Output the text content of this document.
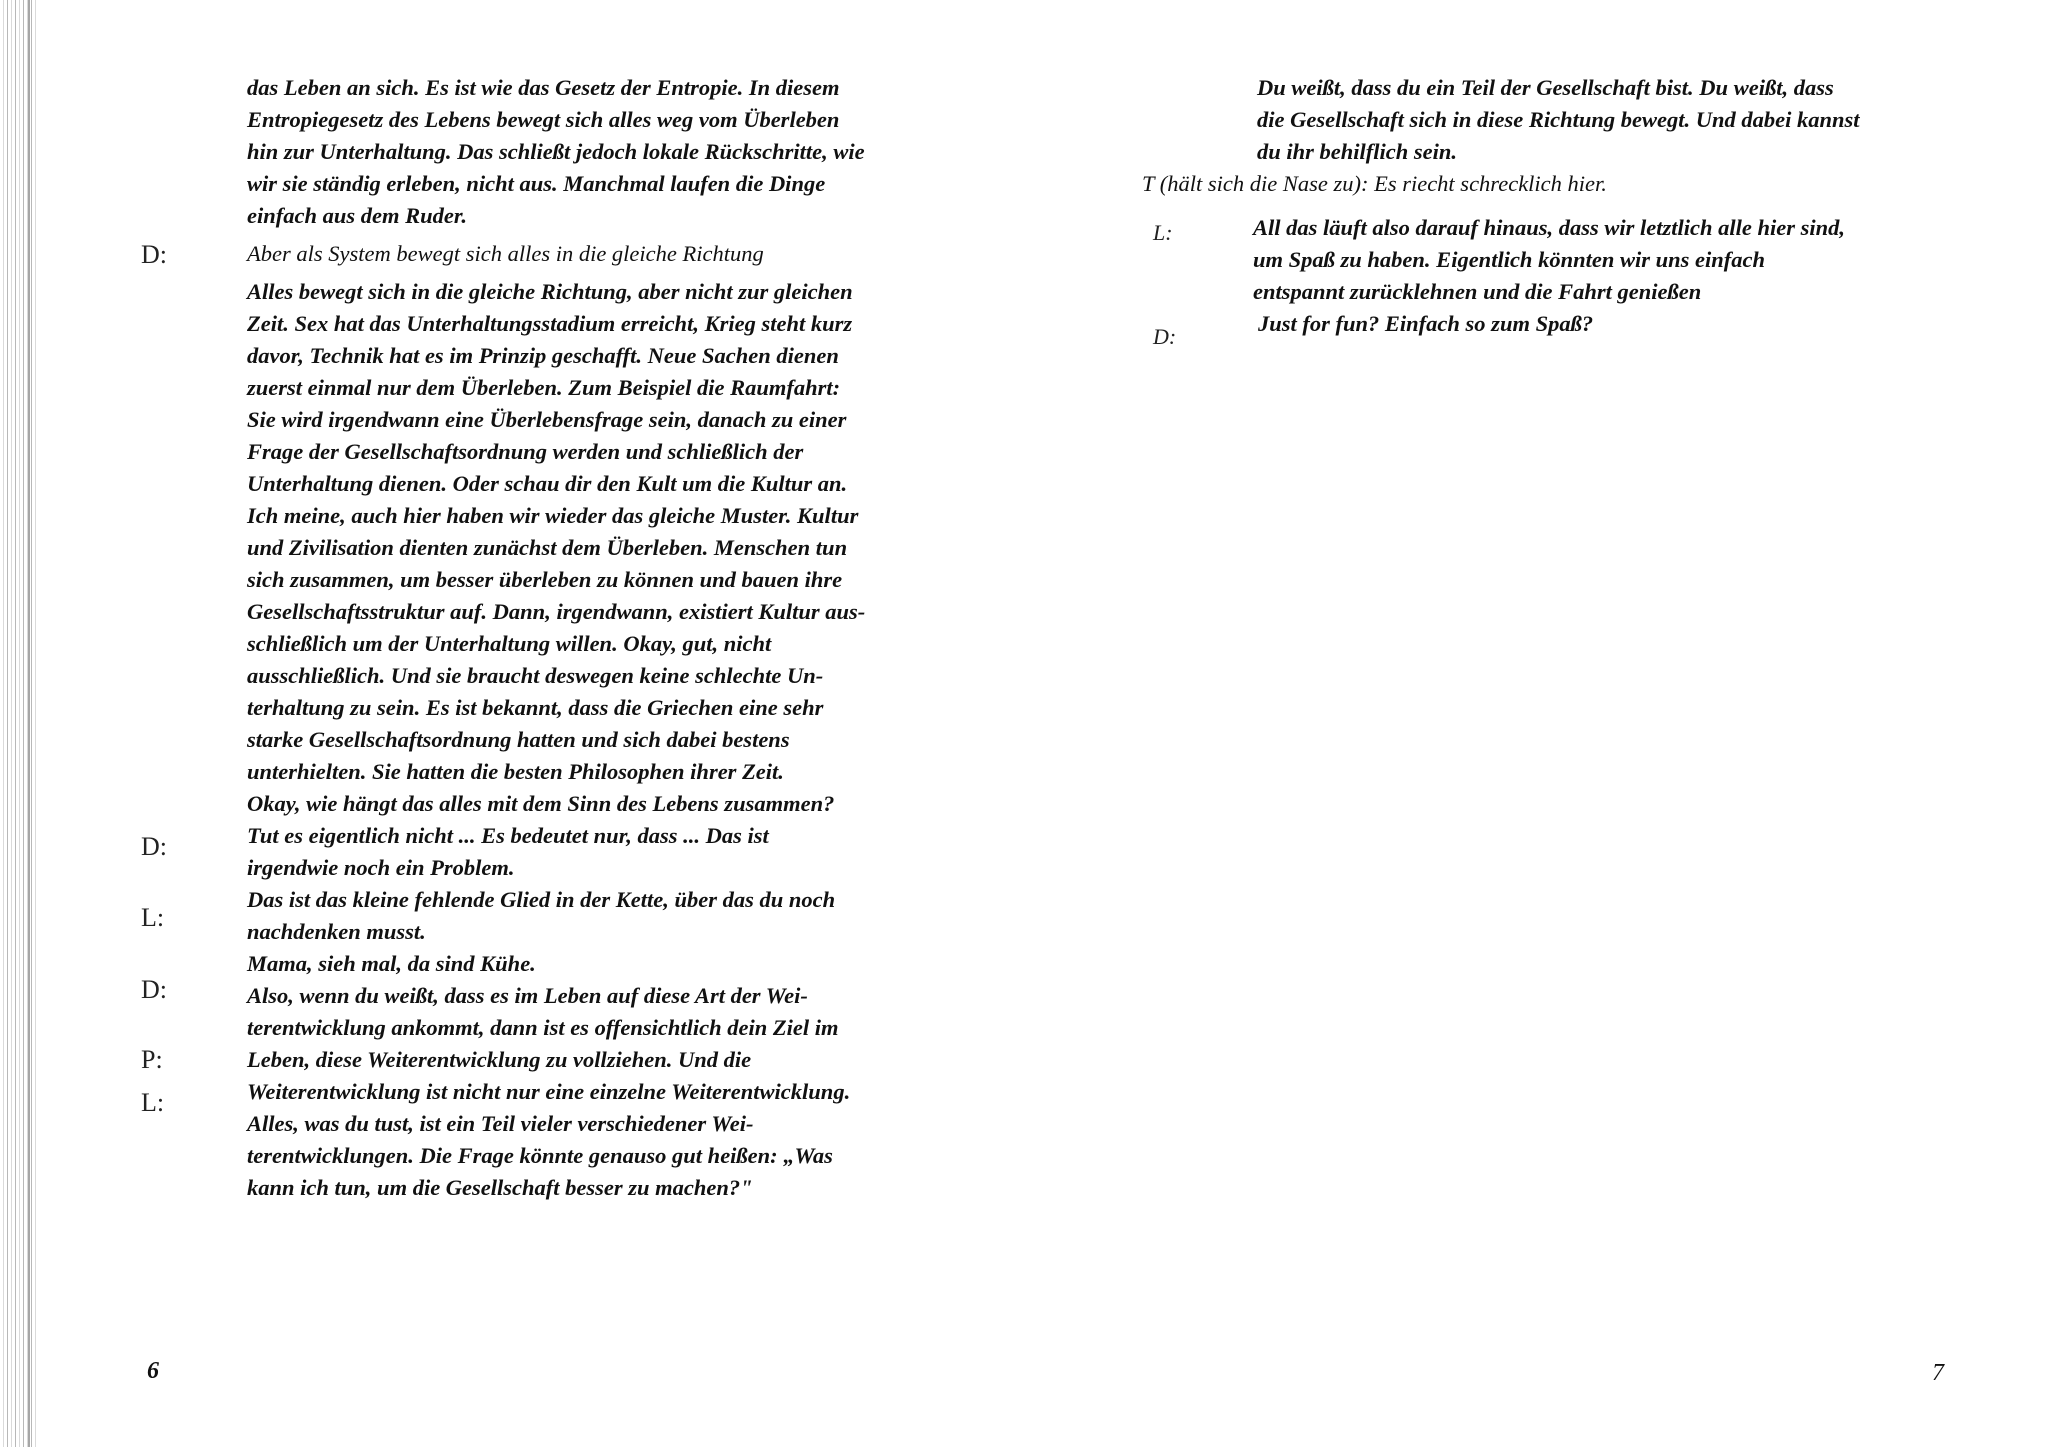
D:
D:
L:
D:
P:
L:
das Leben an sich. Es ist wie das Gesetz der Entropie. In diesem
Entropiegesetz des Lebens bewegt sich alles weg vom Überleben
hin zur Unterhaltung. Das schließt jedoch lokale Rückschritte, wie
wir sie ständig erleben, nicht aus. Manchmal laufen die Dinge
einfach aus dem Ruder.
Aber als System bewegt sich alles in die gleiche Richtung
Alles bewegt sich in die gleiche Richtung, aber nicht zur gleichen
Zeit. Sex hat das Unterhaltungsstadium erreicht, Krieg steht kurz
davor, Technik hat es im Prinzip geschafft. Neue Sachen dienen
zuerst einmal nur dem Überleben. Zum Beispiel die Raumfahrt:
Sie wird irgendwann eine Überlebensfrage sein, danach zu einer
Frage der Gesellschaftsordnung werden und schließlich der
Unterhaltung dienen. Oder schau dir den Kult um die Kultur an.
Ich meine, auch hier haben wir wieder das gleiche Muster. Kultur
und Zivilisation dienten zunächst dem Überleben. Menschen tun
sich zusammen, um besser überleben zu können und bauen ihre
Gesellschaftsstruktur auf. Dann, irgendwann, existiert Kultur aus-
schließlich um der Unterhaltung willen. Okay, gut, nicht
ausschließlich. Und sie braucht deswegen keine schlechte Un-
terhaltung zu sein. Es ist bekannt, dass die Griechen eine sehr
starke Gesellschaftsordnung hatten und sich dabei bestens
unterhielten. Sie hatten die besten Philosophen ihrer Zeit.
Okay, wie hängt das alles mit dem Sinn des Lebens zusammen?
Tut es eigentlich nicht ... Es bedeutet nur, dass ... Das ist
irgendwie noch ein Problem.
Das ist das kleine fehlende Glied in der Kette, über das du noch
nachdenken musst.
Mama, sieh mal, da sind Kühe.
Also, wenn du weißt, dass es im Leben auf diese Art der Wei-
terentwicklung ankommt, dann ist es offensichtlich dein Ziel im
Leben, diese Weiterentwicklung zu vollziehen. Und die
Weiterentwicklung ist nicht nur eine einzelne Weiterentwicklung.
Alles, was du tust, ist ein Teil vieler verschiedener Wei-
terentwicklungen. Die Frage könnte genauso gut heißen: „Was
kann ich tun, um die Gesellschaft besser zu machen?"
6
Du weißt, dass du ein Teil der Gesellschaft bist. Du weißt, dass
die Gesellschaft sich in diese Richtung bewegt. Und dabei kannst
du ihr behilflich sein.
T (hält sich die Nase zu): Es riecht schrecklich hier.
L:	All das läuft also darauf hinaus, dass wir letztlich alle hier sind,
um Spaß zu haben. Eigentlich könnten wir uns einfach
entspannt zurücklehnen und die Fahrt genießen
D:
Just for fun? Einfach so zum Spaß?
7
